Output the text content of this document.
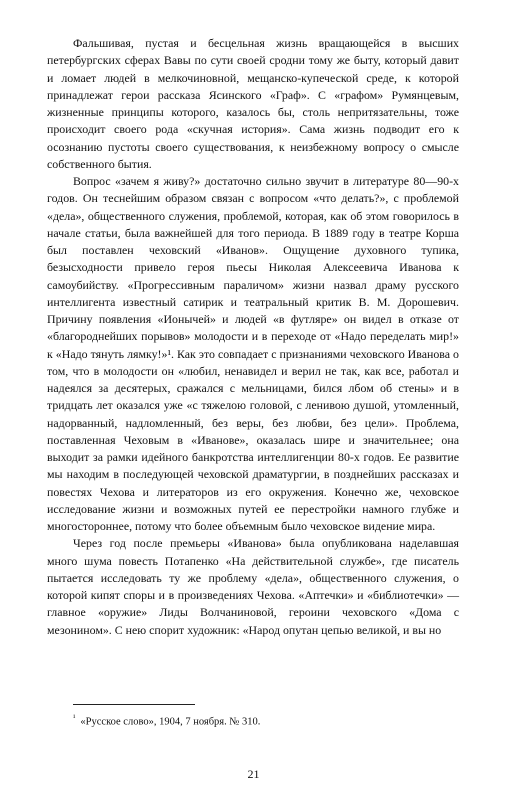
Фальшивая, пустая и бесцельная жизнь вращающейся в высших петербургских сферах Вавы по сути своей сродни тому же быту, который давит и ломает людей в мелкочиновной, мещанско-купеческой среде, к которой принадлежат герои рассказа Ясинского «Граф». С «графом» Румянцевым, жизненные принципы которого, казалось бы, столь непритязательны, тоже происходит своего рода «скучная история». Сама жизнь подводит его к осознанию пустоты своего существования, к неизбежному вопросу о смысле собственного бытия.

Вопрос «зачем я живу?» достаточно сильно звучит в литературе 80—90-х годов. Он теснейшим образом связан с вопросом «что делать?», с проблемой «дела», общественного служения, проблемой, которая, как об этом говорилось в начале статьи, была важнейшей для того периода. В 1889 году в театре Корша был поставлен чеховский «Иванов». Ощущение духовного тупика, безысходности привело героя пьесы Николая Алексеевича Иванова к самоубийству. «Прогрессивным параличом» жизни назвал драму русского интеллигента известный сатирик и театральный критик В. М. Дорошевич. Причину появления «Ионычей» и людей «в футляре» он видел в отказе от «благороднейших порывов» молодости и в переходе от «Надо переделать мир!» к «Надо тянуть лямку!»¹. Как это совпадает с признаниями чеховского Иванова о том, что в молодости он «любил, ненавидел и верил не так, как все, работал и надеялся за десятерых, сражался с мельницами, бился лбом об стены» и в тридцать лет оказался уже «с тяжелою головой, с ленивою душой, утомленный, надорванный, надломленный, без веры, без любви, без цели». Проблема, поставленная Чеховым в «Иванове», оказалась шире и значительнее; она выходит за рамки идейного банкротства интеллигенции 80-х годов. Ее развитие мы находим в последующей чеховской драматургии, в позднейших рассказах и повестях Чехова и литераторов из его окружения. Конечно же, чеховское исследование жизни и возможных путей ее перестройки намного глубже и многостороннее, потому что более объемным было чеховское видение мира.

Через год после премьеры «Иванова» была опубликована наделавшая много шума повесть Потапенко «На действительной службе», где писатель пытается исследовать ту же проблему «дела», общественного служения, о которой кипят споры и в произведениях Чехова. «Аптечки» и «библиотечки» — главное «оружие» Лиды Волчаниновой, героини чеховского «Дома с мезонином». С нею спорит художник: «Народ опутан цепью великой, и вы но

$^{^1}$ «Русское слово», 1904, 7 ноября. № 310.

21
